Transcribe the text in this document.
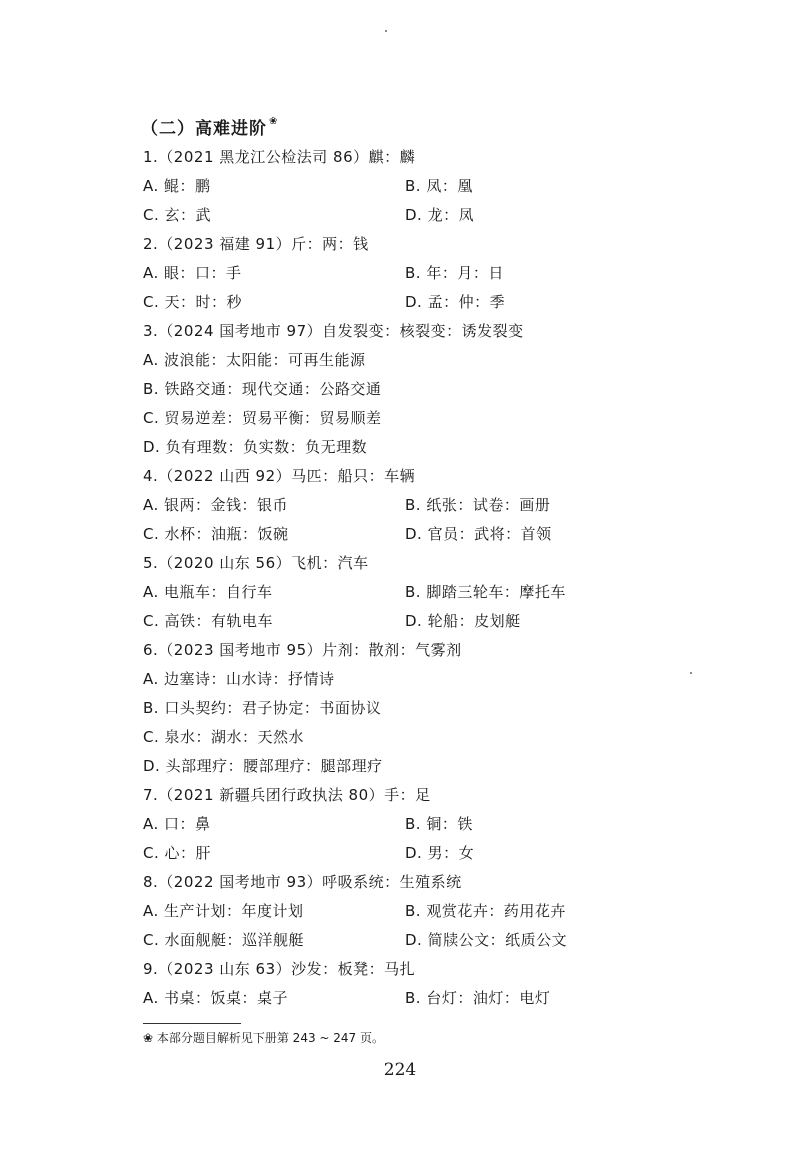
（二）高难进阶 ❀
1.（2021 黑龙江公检法司 86）麒：麟
A. 鲲：鹏	B. 凤：凰
C. 玄：武	D. 龙：凤
2.（2023 福建 91）斤：两：钱
A. 眼：口：手	B. 年：月：日
C. 天：时：秒	D. 孟：仲：季
3.（2024 国考地市 97）自发裂变：核裂变：诱发裂变
A. 波浪能：太阳能：可再生能源
B. 铁路交通：现代交通：公路交通
C. 贸易逆差：贸易平衡：贸易顺差
D. 负有理数：负实数：负无理数
4.（2022 山西 92）马匹：船只：车辆
A. 银两：金钱：银币	B. 纸张：试卷：画册
C. 水杯：油瓶：饭碗	D. 官员：武将：首领
5.（2020 山东 56）飞机：汽车
A. 电瓶车：自行车	B. 脚踏三轮车：摩托车
C. 高铁：有轨电车	D. 轮船：皮划艇
6.（2023 国考地市 95）片剂：散剂：气雾剂
A. 边塞诗：山水诗：抒情诗
B. 口头契约：君子协定：书面协议
C. 泉水：湖水：天然水
D. 头部理疗：腰部理疗：腿部理疗
7.（2021 新疆兵团行政执法 80）手：足
A. 口：鼻	B. 铜：铁
C. 心：肝	D. 男：女
8.（2022 国考地市 93）呼吸系统：生殖系统
A. 生产计划：年度计划	B. 观赏花卉：药用花卉
C. 水面舰艇：巡洋舰艇	D. 简牍公文：纸质公文
9.（2023 山东 63）沙发：板凳：马扎
A. 书桌：饭桌：桌子	B. 台灯：油灯：电灯
❀ 本部分题目解析见下册第 243 ~ 247 页。
224
